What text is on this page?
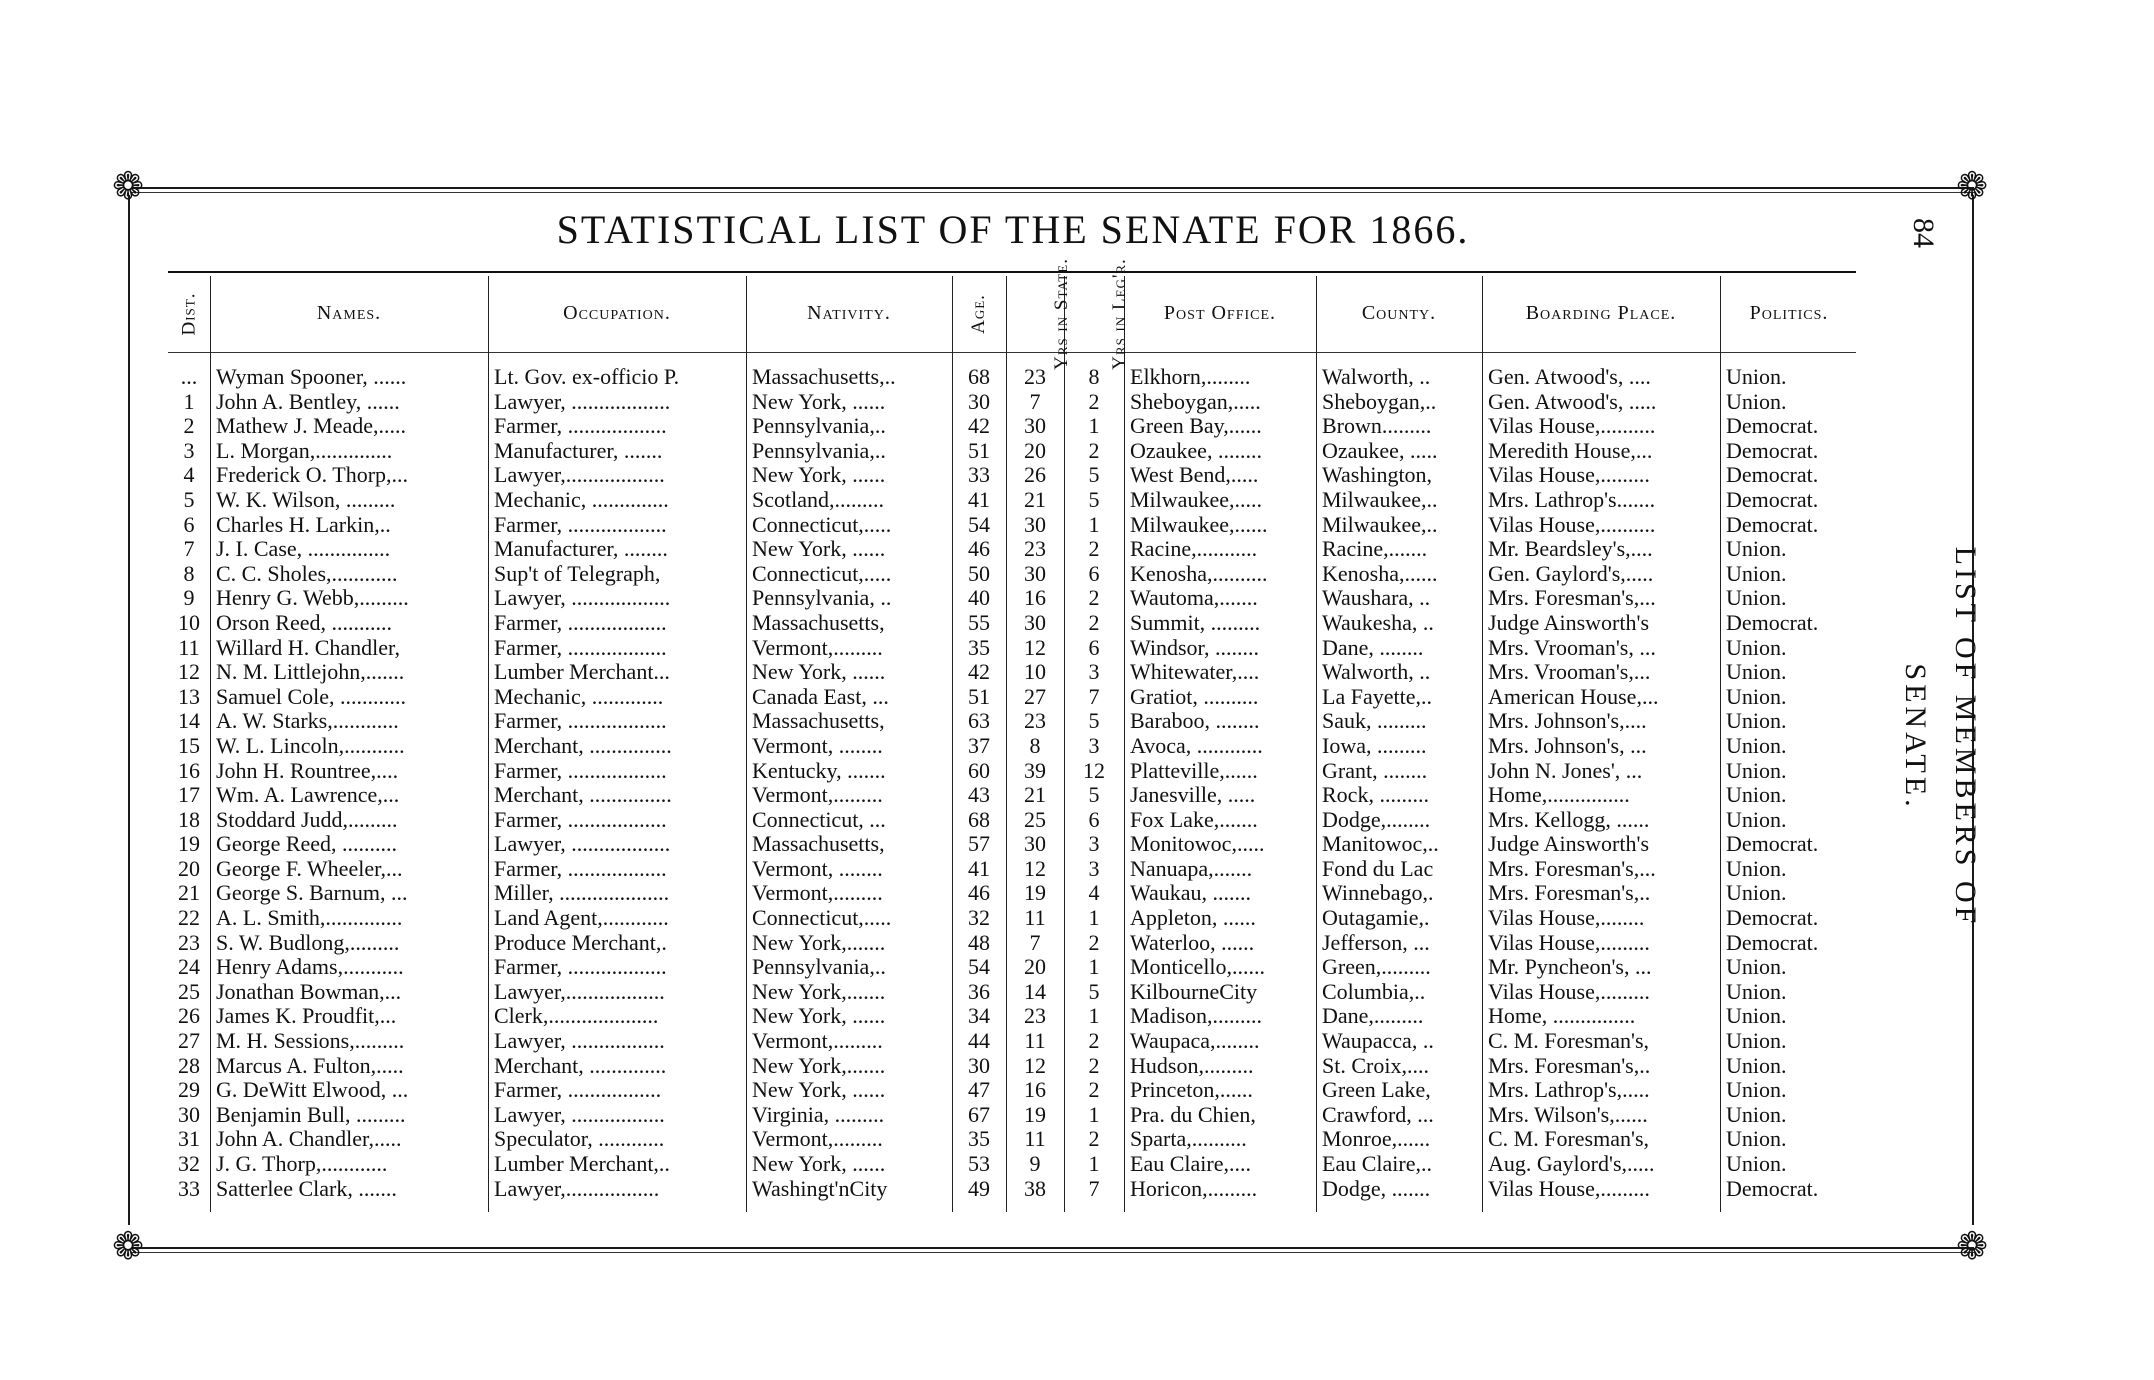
❁	❁
❁	❁
STATISTICAL LIST OF THE SENATE FOR 1866.	84
LIST OF MEMBERS OF SENATE.
Dist.	Names.	Occupation.	Nativity.	Age.	Yrs in State.	Yrs in Leg'r.	Post Office.	County.	Boarding Place.	Politics.
...	Wyman Spooner, ......	Lt. Gov. ex-officio P.	Massachusetts,..	68	23	8	Elkhorn,........	Walworth, ..	Gen. Atwood's, ....	Union.
1	John A. Bentley, ......	Lawyer, ..................	New York, ......	30	7	2	Sheboygan,.....	Sheboygan,..	Gen. Atwood's, .....	Union.
2	Mathew J. Meade,.....	Farmer, ..................	Pennsylvania,..	42	30	1	Green Bay,......	Brown.........	Vilas House,..........	Democrat.
3	L. Morgan,..............	Manufacturer, .......	Pennsylvania,..	51	20	2	Ozaukee, ........	Ozaukee, .....	Meredith House,...	Democrat.
4	Frederick O. Thorp,...	Lawyer,..................	New York, ......	33	26	5	West Bend,.....	Washington,	Vilas House,.........	Democrat.
5	W. K. Wilson, .........	Mechanic, ..............	Scotland,.........	41	21	5	Milwaukee,.....	Milwaukee,..	Mrs. Lathrop's.......	Democrat.
6	Charles H. Larkin,..	Farmer, ..................	Connecticut,.....	54	30	1	Milwaukee,......	Milwaukee,..	Vilas House,..........	Democrat.
7	J. I. Case, ...............	Manufacturer, ........	New York, ......	46	23	2	Racine,...........	Racine,.......	Mr. Beardsley's,....	Union.
8	C. C. Sholes,............	Sup't of Telegraph,	Connecticut,.....	50	30	6	Kenosha,..........	Kenosha,......	Gen. Gaylord's,.....	Union.
9	Henry G. Webb,.........	Lawyer, ..................	Pennsylvania, ..	40	16	2	Wautoma,.......	Waushara, ..	Mrs. Foresman's,...	Union.
10	Orson Reed, ...........	Farmer, ..................	Massachusetts,	55	30	2	Summit, .........	Waukesha, ..	Judge Ainsworth's	Democrat.
11	Willard H. Chandler,	Farmer, ..................	Vermont,.........	35	12	6	Windsor, ........	Dane, ........	Mrs. Vrooman's, ...	Union.
12	N. M. Littlejohn,.......	Lumber Merchant...	New York, ......	42	10	3	Whitewater,....	Walworth, ..	Mrs. Vrooman's,...	Union.
13	Samuel Cole, ............	Mechanic, .............	Canada East, ...	51	27	7	Gratiot, ..........	La Fayette,..	American House,...	Union.
14	A. W. Starks,............	Farmer, ..................	Massachusetts,	63	23	5	Baraboo, ........	Sauk, .........	Mrs. Johnson's,....	Union.
15	W. L. Lincoln,...........	Merchant, ...............	Vermont, ........	37	8	3	Avoca, ............	Iowa, .........	Mrs. Johnson's, ...	Union.
16	John H. Rountree,....	Farmer, ..................	Kentucky, .......	60	39	12	Platteville,......	Grant, ........	John N. Jones', ...	Union.
17	Wm. A. Lawrence,...	Merchant, ...............	Vermont,.........	43	21	5	Janesville, .....	Rock, .........	Home,...............	Union.
18	Stoddard Judd,.........	Farmer, ..................	Connecticut, ...	68	25	6	Fox Lake,.......	Dodge,........	Mrs. Kellogg, ......	Union.
19	George Reed, ..........	Lawyer, ..................	Massachusetts,	57	30	3	Monitowoc,.....	Manitowoc,..	Judge Ainsworth's	Democrat.
20	George F. Wheeler,...	Farmer, ..................	Vermont, ........	41	12	3	Nanuapa,.......	Fond du Lac	Mrs. Foresman's,...	Union.
21	George S. Barnum, ...	Miller, ....................	Vermont,.........	46	19	4	Waukau, .......	Winnebago,.	Mrs. Foresman's,..	Union.
22	A. L. Smith,..............	Land Agent,............	Connecticut,.....	32	11	1	Appleton, ......	Outagamie,.	Vilas House,........	Democrat.
23	S. W. Budlong,.........	Produce Merchant,.	New York,.......	48	7	2	Waterloo, ......	Jefferson, ...	Vilas House,.........	Democrat.
24	Henry Adams,...........	Farmer, ..................	Pennsylvania,..	54	20	1	Monticello,......	Green,.........	Mr. Pyncheon's, ...	Union.
25	Jonathan Bowman,...	Lawyer,..................	New York,.......	36	14	5	KilbourneCity	Columbia,..	Vilas House,.........	Union.
26	James K. Proudfit,...	Clerk,....................	New York, ......	34	23	1	Madison,.........	Dane,.........	Home, ...............	Union.
27	M. H. Sessions,.........	Lawyer, .................	Vermont,.........	44	11	2	Waupaca,........	Waupacca, ..	C. M. Foresman's,	Union.
28	Marcus A. Fulton,.....	Merchant, ..............	New York,.......	30	12	2	Hudson,.........	St. Croix,....	Mrs. Foresman's,..	Union.
29	G. DeWitt Elwood, ...	Farmer, .................	New York, ......	47	16	2	Princeton,......	Green Lake,	Mrs. Lathrop's,.....	Union.
30	Benjamin Bull, .........	Lawyer, .................	Virginia, .........	67	19	1	Pra. du Chien,	Crawford, ...	Mrs. Wilson's,......	Union.
31	John A. Chandler,.....	Speculator, ............	Vermont,.........	35	11	2	Sparta,..........	Monroe,......	C. M. Foresman's,	Union.
32	J. G. Thorp,............	Lumber Merchant,..	New York, ......	53	9	1	Eau Claire,....	Eau Claire,..	Aug. Gaylord's,.....	Union.
33	Satterlee Clark, .......	Lawyer,.................	Washingt'nCity	49	38	7	Horicon,.........	Dodge, .......	Vilas House,.........	Democrat.
